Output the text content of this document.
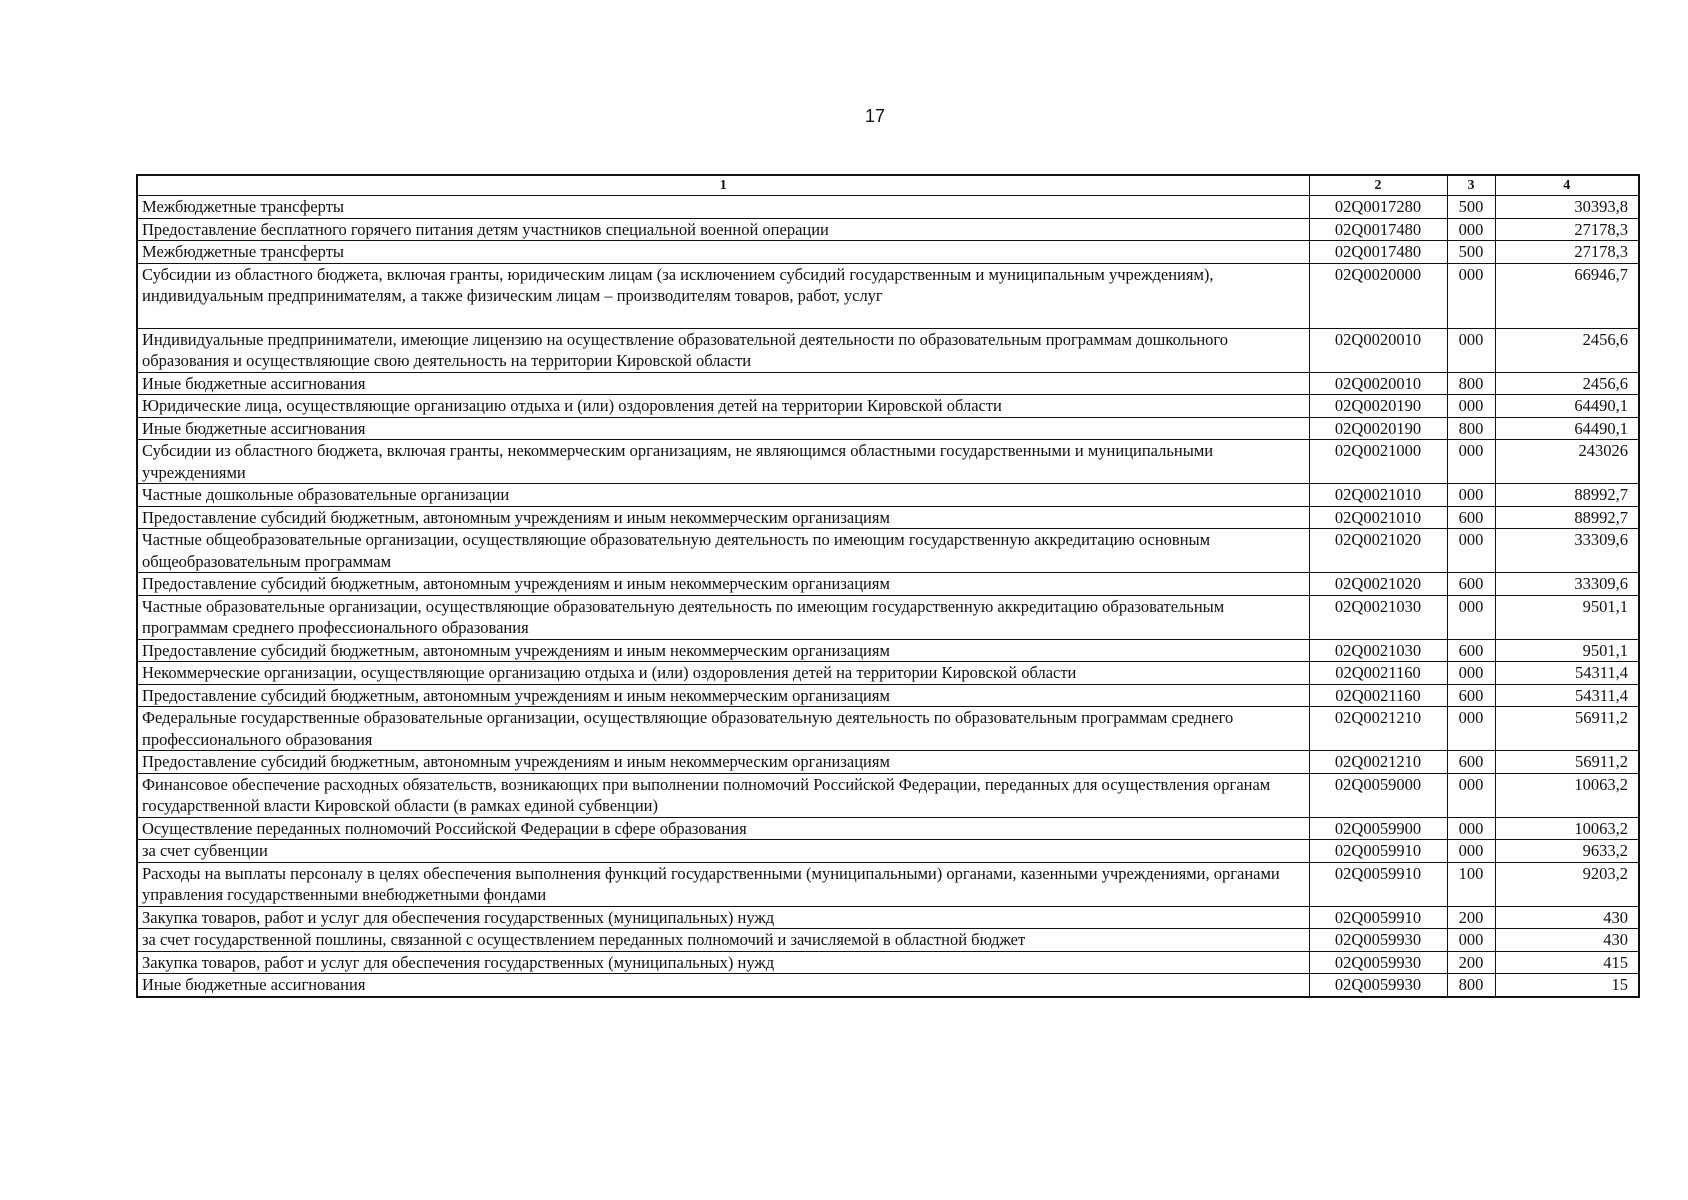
17
1	2	3	4
Межбюджетные трансферты	02Q0017280	500	30393,8
Предоставление бесплатного горячего питания детям участников специальной военной операции	02Q0017480	000	27178,3
Межбюджетные трансферты	02Q0017480	500	27178,3
Субсидии из областного бюджета, включая гранты, юридическим лицам (за исключением субсидий государственным и муниципальным учреждениям), индивидуальным предпринимателям, а также физическим лицам – производителям товаров, работ, услуг	02Q0020000	000	66946,7
Индивидуальные предприниматели, имеющие лицензию на осуществление образовательной деятельности по образовательным программам дошкольного образования и осуществляющие свою деятельность на территории Кировской области	02Q0020010	000	2456,6
Иные бюджетные ассигнования	02Q0020010	800	2456,6
Юридические лица, осуществляющие организацию отдыха и (или) оздоровления детей на территории Кировской области	02Q0020190	000	64490,1
Иные бюджетные ассигнования	02Q0020190	800	64490,1
Субсидии из областного бюджета, включая гранты, некоммерческим организациям, не являющимся областными государственными и муниципальными учреждениями	02Q0021000	000	243026
Частные дошкольные образовательные организации	02Q0021010	000	88992,7
Предоставление субсидий бюджетным, автономным учреждениям и иным некоммерческим организациям	02Q0021010	600	88992,7
Частные общеобразовательные организации, осуществляющие образовательную деятельность по имеющим государственную аккредитацию основным общеобразовательным программам	02Q0021020	000	33309,6
Предоставление субсидий бюджетным, автономным учреждениям и иным некоммерческим организациям	02Q0021020	600	33309,6
Частные образовательные организации, осуществляющие образовательную деятельность по имеющим государственную аккредитацию образовательным программам среднего профессионального образования	02Q0021030	000	9501,1
Предоставление субсидий бюджетным, автономным учреждениям и иным некоммерческим организациям	02Q0021030	600	9501,1
Некоммерческие организации, осуществляющие организацию отдыха и (или) оздоровления детей на территории Кировской области	02Q0021160	000	54311,4
Предоставление субсидий бюджетным, автономным учреждениям и иным некоммерческим организациям	02Q0021160	600	54311,4
Федеральные государственные образовательные организации, осуществляющие образовательную деятельность по образовательным программам среднего профессионального образования	02Q0021210	000	56911,2
Предоставление субсидий бюджетным, автономным учреждениям и иным некоммерческим организациям	02Q0021210	600	56911,2
Финансовое обеспечение расходных обязательств, возникающих при выполнении полномочий Российской Федерации, переданных для осуществления органам государственной власти Кировской области (в рамках единой субвенции)	02Q0059000	000	10063,2
Осуществление переданных полномочий Российской Федерации в сфере образования	02Q0059900	000	10063,2
за счет субвенции	02Q0059910	000	9633,2
Расходы на выплаты персоналу в целях обеспечения выполнения функций государственными (муниципальными) органами, казенными учреждениями, органами управления государственными внебюджетными фондами	02Q0059910	100	9203,2
Закупка товаров, работ и услуг для обеспечения государственных (муниципальных) нужд	02Q0059910	200	430
за счет государственной пошлины, связанной с осуществлением переданных полномочий и зачисляемой в областной бюджет	02Q0059930	000	430
Закупка товаров, работ и услуг для обеспечения государственных (муниципальных) нужд	02Q0059930	200	415
Иные бюджетные ассигнования	02Q0059930	800	15
